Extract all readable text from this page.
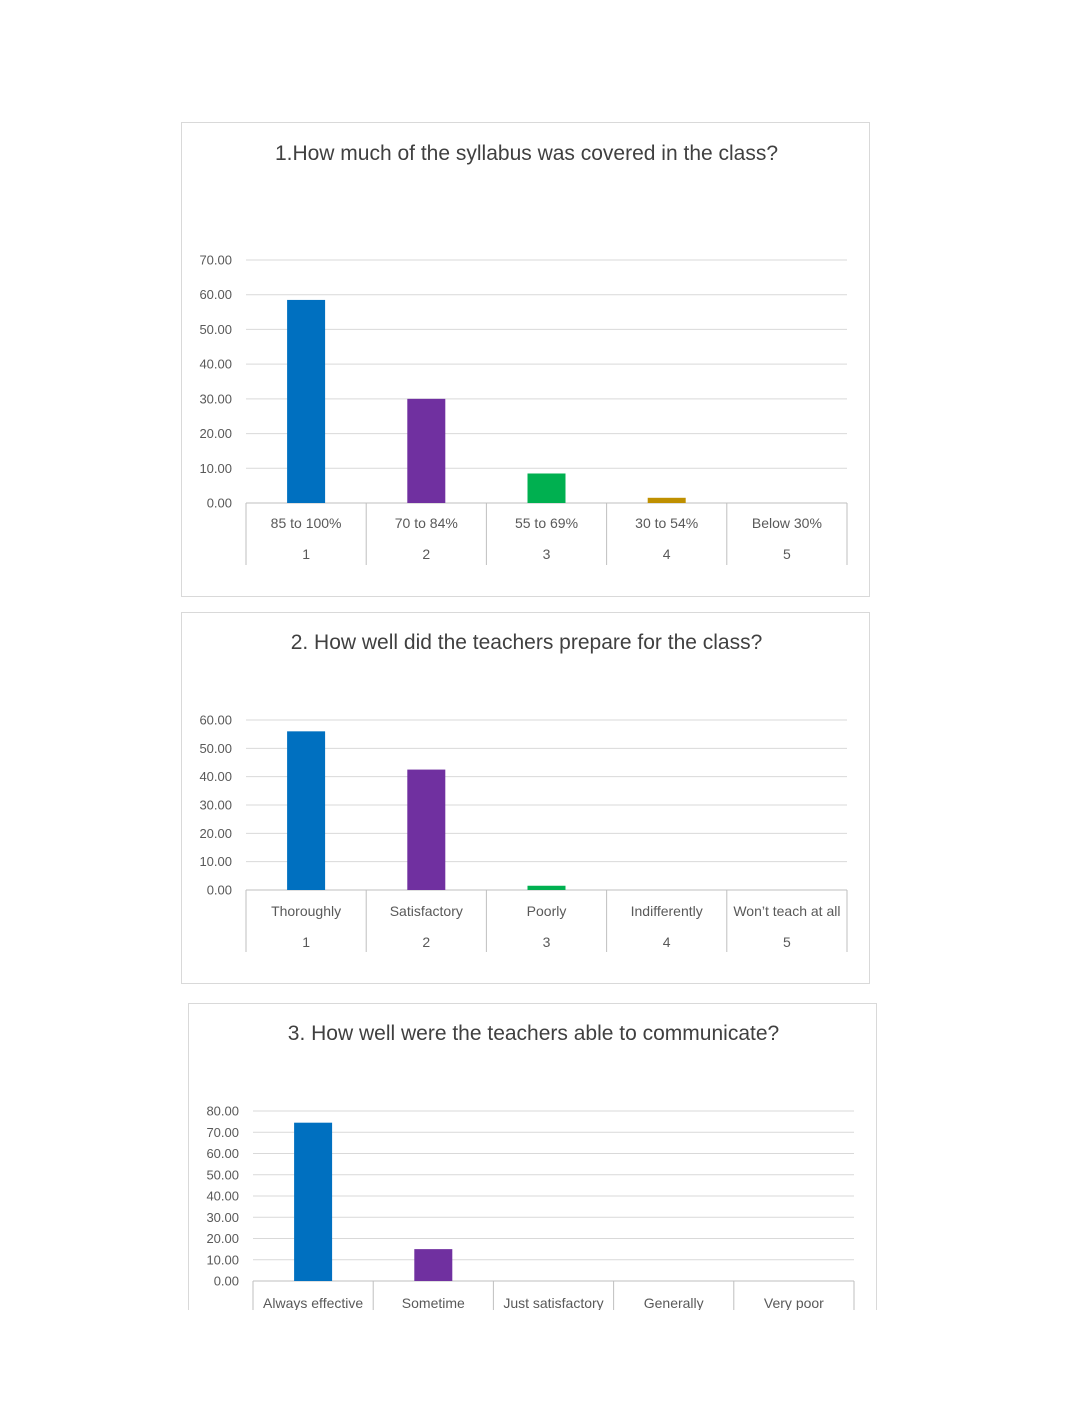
1.How much of the syllabus was covered in the class?
0.00
10.00
20.00
30.00
40.00
50.00
60.00
70.00
85 to 100%
1
70 to 84%
2
55 to 69%
3
30 to 54%
4
Below 30%
5
2. How well did the teachers prepare for the class?
0.00
10.00
20.00
30.00
40.00
50.00
60.00
Thoroughly
1
Satisfactory
2
Poorly
3
Indifferently
4
Won’t teach at all
5
3. How well were the teachers able to communicate?
0.00
10.00
20.00
30.00
40.00
50.00
60.00
70.00
80.00
Always effective	Sometime	Just satisfactory	Generally	Very poor
